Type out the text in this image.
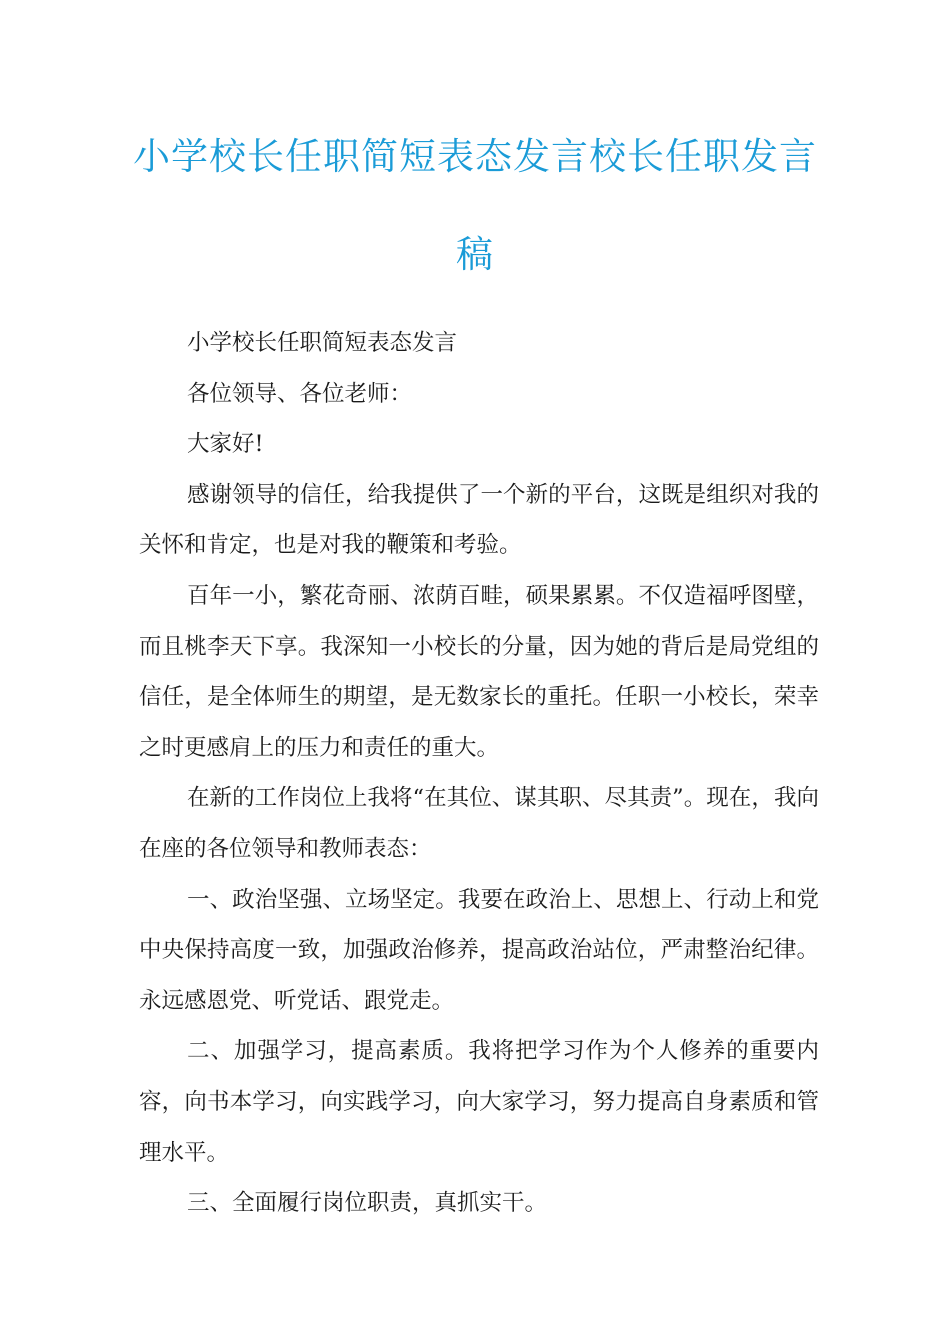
小学校长任职简短表态发言校长任职发言稿

小学校长任职简短表态发言

各位领导、各位老师：

大家好!

感谢领导的信任，给我提供了一个新的平台，这既是组织对我的关怀和肯定，也是对我的鞭策和考验。

百年一小，繁花奇丽、浓荫百畦，硕果累累。不仅造福呼图壁，而且桃李天下享。我深知一小校长的分量，因为她的背后是局党组的信任，是全体师生的期望，是无数家长的重托。任职一小校长，荣幸之时更感肩上的压力和责任的重大。

在新的工作岗位上我将“在其位、谋其职、尽其责”。现在，我向在座的各位领导和教师表态：

一、政治坚强、立场坚定。我要在政治上、思想上、行动上和党中央保持高度一致，加强政治修养，提高政治站位，严肃整治纪律。永远感恩党、听党话、跟党走。

二、加强学习，提高素质。我将把学习作为个人修养的重要内容，向书本学习，向实践学习，向大家学习，努力提高自身素质和管理水平。

三、全面履行岗位职责，真抓实干。
